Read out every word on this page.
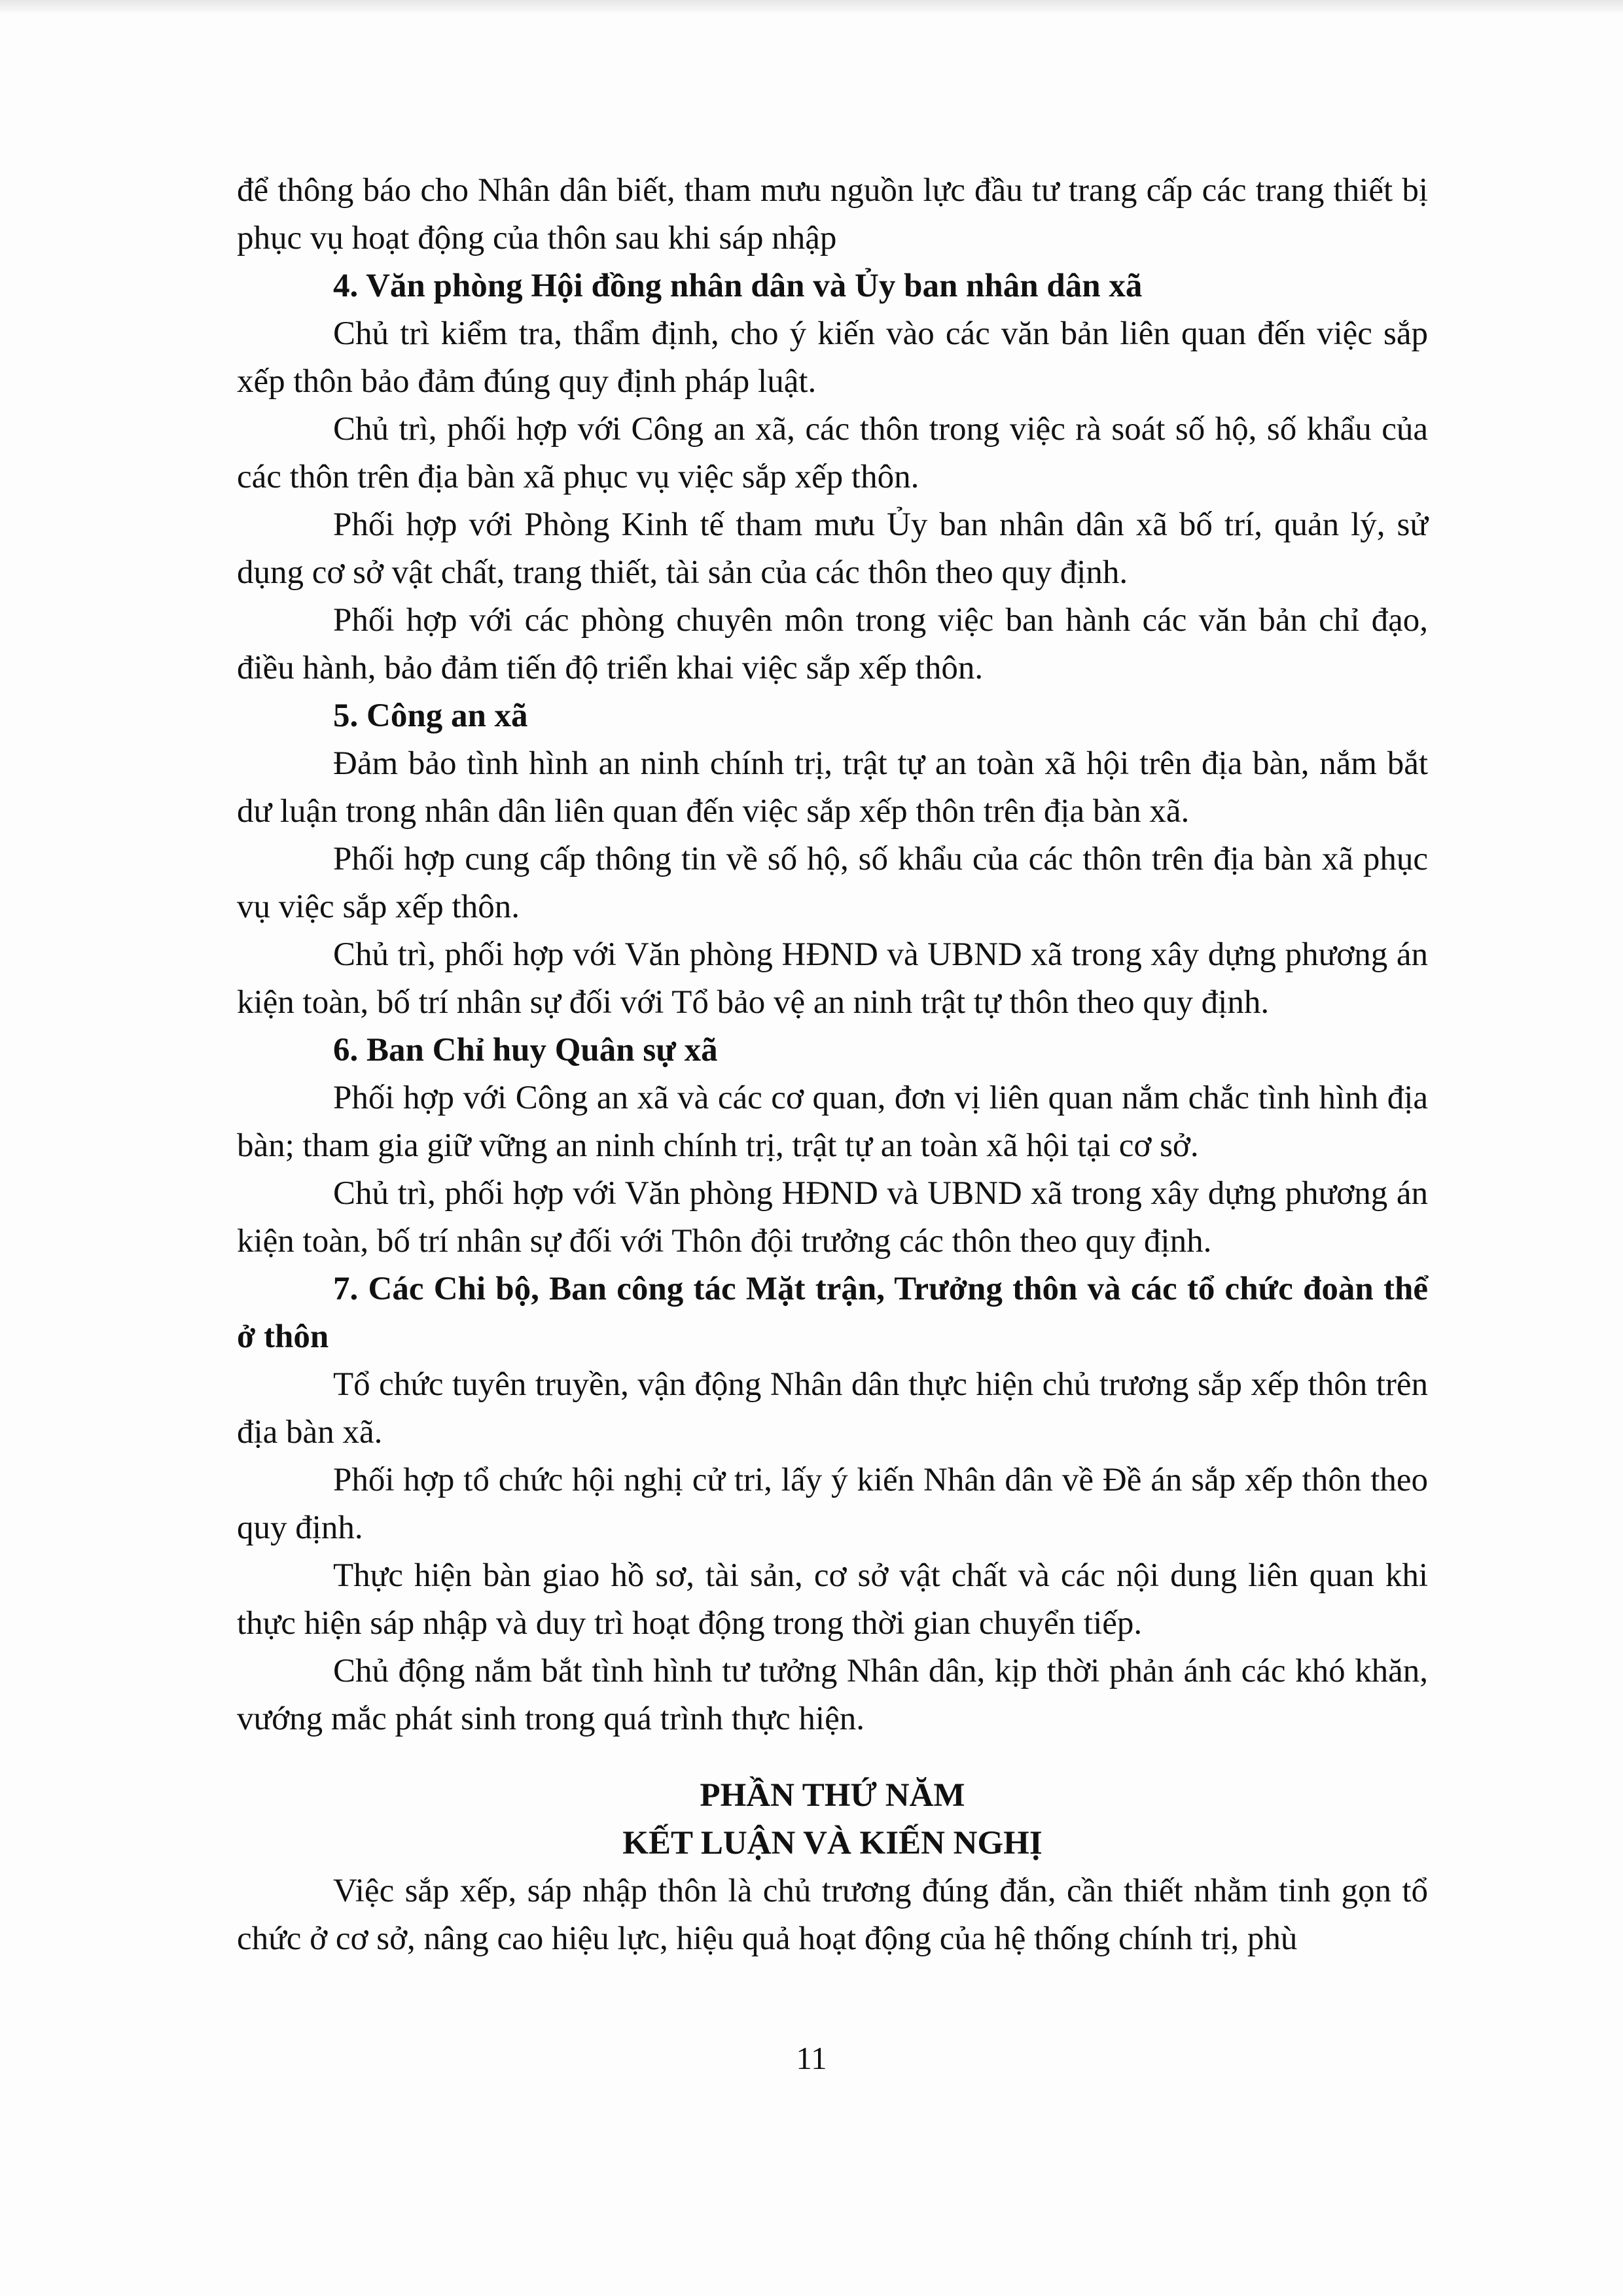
để thông báo cho Nhân dân biết, tham mưu nguồn lực đầu tư trang cấp các trang thiết bị phục vụ hoạt động của thôn sau khi sáp nhập

4. Văn phòng Hội đồng nhân dân và Ủy ban nhân dân xã

Chủ trì kiểm tra, thẩm định, cho ý kiến vào các văn bản liên quan đến việc sắp xếp thôn bảo đảm đúng quy định pháp luật.

Chủ trì, phối hợp với Công an xã, các thôn trong việc rà soát số hộ, số khẩu của các thôn trên địa bàn xã phục vụ việc sắp xếp thôn.

Phối hợp với Phòng Kinh tế tham mưu Ủy ban nhân dân xã bố trí, quản lý, sử dụng cơ sở vật chất, trang thiết, tài sản của các thôn theo quy định.

Phối hợp với các phòng chuyên môn trong việc ban hành các văn bản chỉ đạo, điều hành, bảo đảm tiến độ triển khai việc sắp xếp thôn.

5. Công an xã

Đảm bảo tình hình an ninh chính trị, trật tự an toàn xã hội trên địa bàn, nắm bắt dư luận trong nhân dân liên quan đến việc sắp xếp thôn trên địa bàn xã.

Phối hợp cung cấp thông tin về số hộ, số khẩu của các thôn trên địa bàn xã phục vụ việc sắp xếp thôn.

Chủ trì, phối hợp với Văn phòng HĐND và UBND xã trong xây dựng phương án kiện toàn, bố trí nhân sự đối với Tổ bảo vệ an ninh trật tự thôn theo quy định.

6. Ban Chỉ huy Quân sự xã

Phối hợp với Công an xã và các cơ quan, đơn vị liên quan nắm chắc tình hình địa bàn; tham gia giữ vững an ninh chính trị, trật tự an toàn xã hội tại cơ sở.

Chủ trì, phối hợp với Văn phòng HĐND và UBND xã trong xây dựng phương án kiện toàn, bố trí nhân sự đối với Thôn đội trưởng các thôn theo quy định.

7. Các Chi bộ, Ban công tác Mặt trận, Trưởng thôn và các tổ chức đoàn thể ở thôn

Tổ chức tuyên truyền, vận động Nhân dân thực hiện chủ trương sắp xếp thôn trên địa bàn xã.

Phối hợp tổ chức hội nghị cử tri, lấy ý kiến Nhân dân về Đề án sắp xếp thôn theo quy định.

Thực hiện bàn giao hồ sơ, tài sản, cơ sở vật chất và các nội dung liên quan khi thực hiện sáp nhập và duy trì hoạt động trong thời gian chuyển tiếp.

Chủ động nắm bắt tình hình tư tưởng Nhân dân, kịp thời phản ánh các khó khăn, vướng mắc phát sinh trong quá trình thực hiện.

PHẦN THỨ NĂM

KẾT LUẬN VÀ KIẾN NGHỊ

Việc sắp xếp, sáp nhập thôn là chủ trương đúng đắn, cần thiết nhằm tinh gọn tổ chức ở cơ sở, nâng cao hiệu lực, hiệu quả hoạt động của hệ thống chính trị, phù

11
